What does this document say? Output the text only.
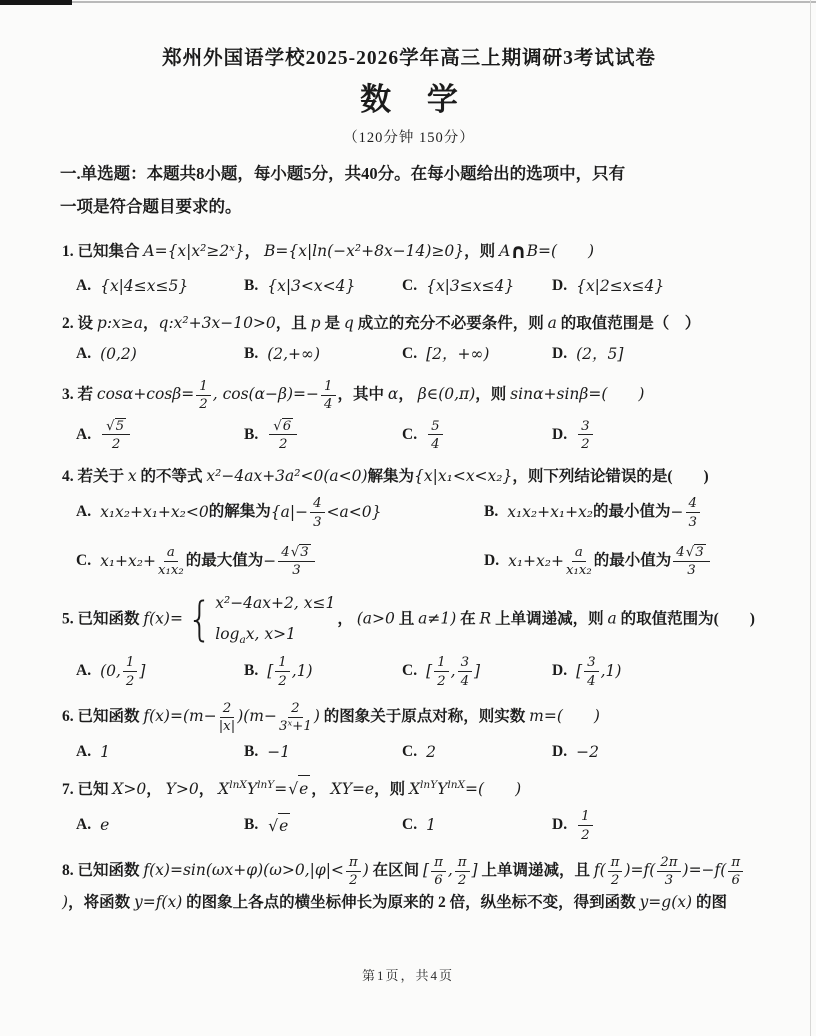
郑州外国语学校2025-2026学年高三上期调研3考试试卷
数 学
（120分钟 150分）
一.单选题：本题共8小题，每小题5分，共40分。在每小题给出的选项中，只有
一项是符合题目要求的。
1. 已知集合 A={x|x²≥2ˣ}， B={x|ln(−x²+8x−14)≥0}，则 A∩B=(　　)
A. {x|4≤x≤5}	B. {x|3<x<4}	C. {x|3≤x≤4} D. {x|2≤x≤4}
2. 设 p:x≥a，q:x²+3x−10>0，且 p 是 q 成立的充分不必要条件，则 a 的取值范围是（　）
A. (0,2)	B. (2,+∞)	C. [2，+∞)	D. (2，5]
3. 若 $\cos\alpha+\cos\beta= \frac{1}{2}$ , $\cos(\alpha-\beta)=- \frac{1}{4}$ ，其中 α， β∈(0,π)，则 sinα+sinβ=(　　)
A. $\frac{√ 5}{2}$	B. $\frac{√ 6}{2}$	C. $\frac{5}{4}$	D. $\frac{3}{2}$
4. 若关于 x 的不等式 x²−4ax+3a²<0(a<0)解集为{x|x₁<x<x₂}，则下列结论错误的是(　　)
A. x₁x₂+x₁+x₂<0 的解集为 $\{a|- \frac{4}{3} <a<0\}$	B. x₁x₂+x₁+x₂ 的最小值为 − $\frac{4}{3}$
C. $x_1+x_2+ \frac{a}{\text{x₁x₂}}$ 的最大值为 − $\frac{4 √ 3}{3}$	D. $x_1+x_2+ \frac{a}{\text{x₁x₂}}$ 的最小值为 $\frac{4 √ 3}{3}$
5. 已知函数 f(x)= { x²−4ax+2, x≤1
$\log_ax$, x>1
， (a>0 且 a≠1) 在 R 上单调递减，则 a 的取值范围为(　　)
A. (0, $\frac{1}{2}$ ]	B. [ $\frac{1}{2} ,1$)	C. [ $\frac{1}{2}$ , $\frac{3}{4}$ ]	D. [ $\frac{3}{4} ,1$)
6. 已知函数 $f(x)=(m- \frac{2}{|x|} )(m- \frac{2}{\text{3ˣ+1}}$ ) 的图象关于原点对称，则实数 m=(　　)
A. 1	B. −1	C. 2	D. −2
7. 已知 X>0， Y>0， $X^{lnX}Y^{lnY}=$ √ e ， XY=e，则 $X^{lnY}Y^{lnX}=$(　　)
A. e	B. √ e	C. 1	D. $\frac{1}{2}$
8. 已知函数 $f(x)=\sin(\omega x+\varphi)(\omega>0,|\varphi|< \frac{\pi}{2}$ ) 在区间 [ $\frac{\pi}{6}$ , $\frac{\pi}{2}$ ] 上单调递减，且 $f( \frac{\pi}{2} )=f( \frac{2\pi}{3} )=-f( \frac{\pi}{6}$
)，将函数 y=f(x) 的图象上各点的横坐标伸长为原来的 2 倍，纵坐标不变，得到函数 y=g(x) 的图
第1页，共4页
